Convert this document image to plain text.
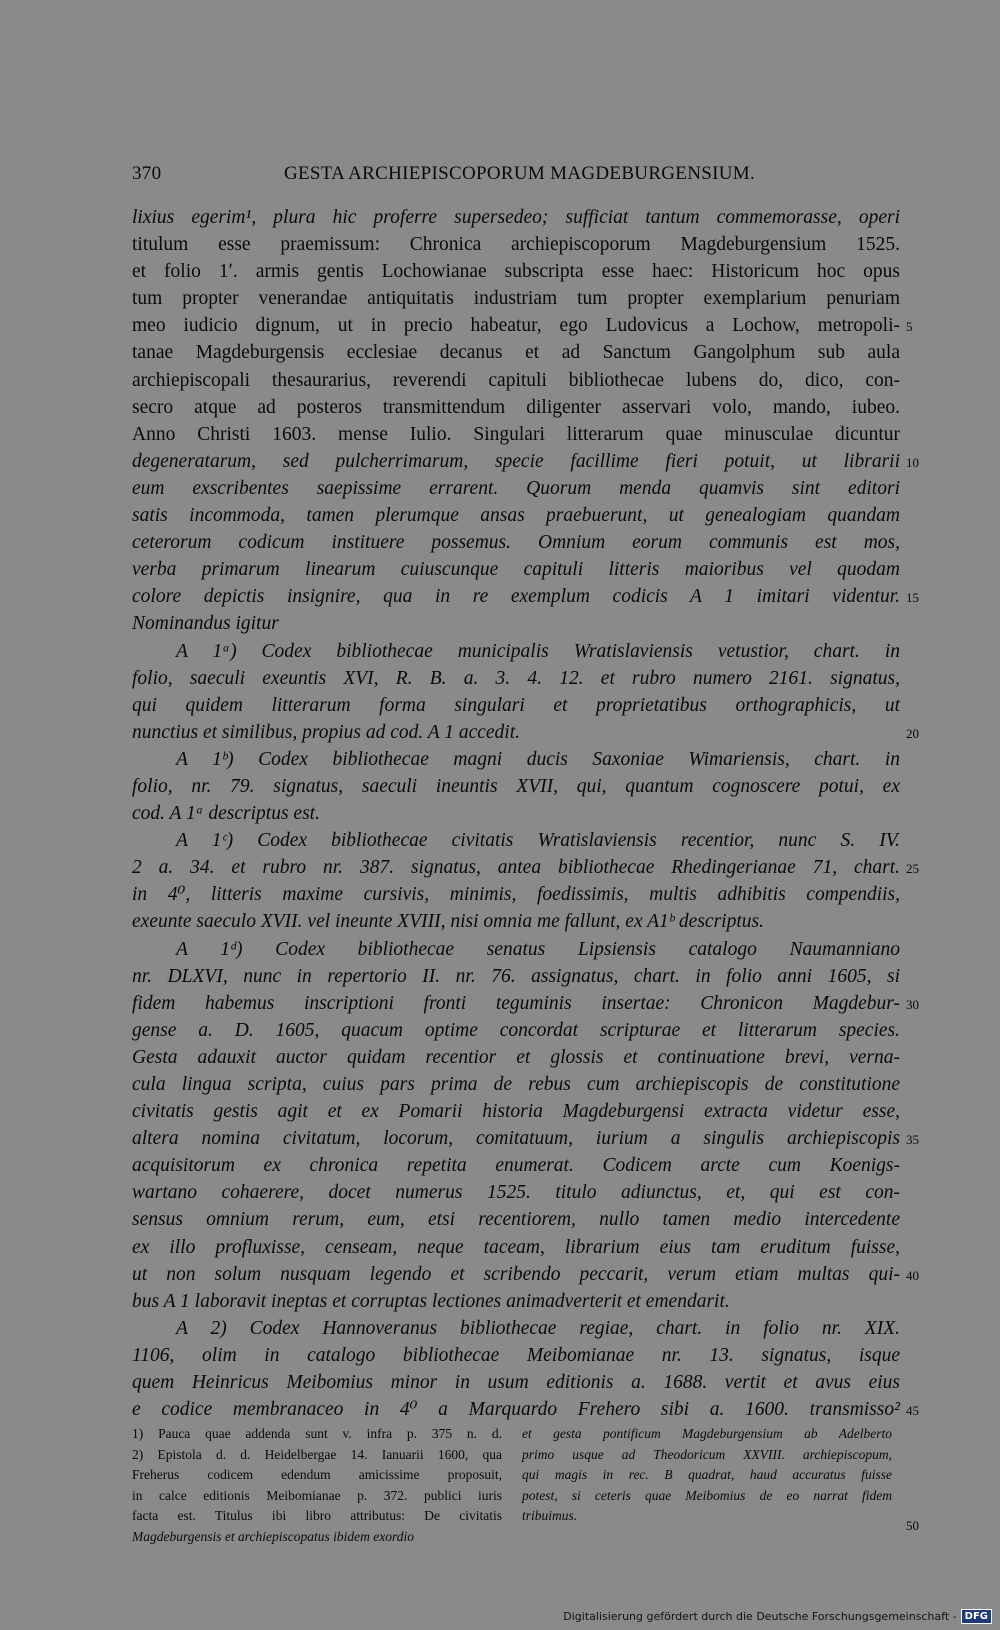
370	GESTA ARCHIEPISCOPORUM MAGDEBURGENSIUM.
lixius egerim¹, plura hic proferre supersedeo; sufficiat tantum commemorasse, operi
titulum esse praemissum: Chronica archiepiscoporum Magdeburgensium 1525.
et folio 1ʹ. armis gentis Lochowianae subscripta esse haec: Historicum hoc opus
tum propter venerandae antiquitatis industriam tum propter exemplarium penuriam
meo iudicio dignum, ut in precio habeatur, ego Ludovicus a Lochow, metropoli- 5
tanae Magdeburgensis ecclesiae decanus et ad Sanctum Gangolphum sub aula
archiepiscopali thesaurarius, reverendi capituli bibliothecae lubens do, dico, con-
secro atque ad posteros transmittendum diligenter asservari volo, mando, iubeo.
Anno Christi 1603. mense Iulio. Singulari litterarum quae minusculae dicuntur
degeneratarum, sed pulcherrimarum, specie facillime fieri potuit, ut librarii 10
eum exscribentes saepissime errarent. Quorum menda quamvis sint editori
satis incommoda, tamen plerumque ansas praebuerunt, ut genealogiam quandam
ceterorum codicum instituere possemus. Omnium eorum communis est mos,
verba primarum linearum cuiuscunque capituli litteris maioribus vel quodam
colore depictis insignire, qua in re exemplum codicis A 1 imitari videntur. 15
Nominandus igitur
A 1ᵃ) Codex bibliothecae municipalis Wratislaviensis vetustior, chart. in
folio, saeculi exeuntis XVI, R. B. a. 3. 4. 12. et rubro numero 2161. signatus,
qui quidem litterarum forma singulari et proprietatibus orthographicis, ut
nunctius et similibus, propius ad cod. A 1 accedit.	20
A 1ᵇ) Codex bibliothecae magni ducis Saxoniae Wimariensis, chart. in
folio, nr. 79. signatus, saeculi ineuntis XVII, qui, quantum cognoscere potui, ex
cod. A 1ᵃ descriptus est.
A 1ᶜ) Codex bibliothecae civitatis Wratislaviensis recentior, nunc S. IV.
2 a. 34. et rubro nr. 387. signatus, antea bibliothecae Rhedingerianae 71, chart. 25
in 4⁰, litteris maxime cursivis, minimis, foedissimis, multis adhibitis compendiis,
exeunte saeculo XVII. vel ineunte XVIII, nisi omnia me fallunt, ex A1ᵇ descriptus.
A 1ᵈ) Codex bibliothecae senatus Lipsiensis catalogo Naumanniano
nr. DLXVI, nunc in repertorio II. nr. 76. assignatus, chart. in folio anni 1605, si
fidem habemus inscriptioni fronti teguminis insertae: Chronicon Magdebur- 30
gense a. D. 1605, quacum optime concordat scripturae et litterarum species.
Gesta adauxit auctor quidam recentior et glossis et continuatione brevi, verna-
cula lingua scripta, cuius pars prima de rebus cum archiepiscopis de constitutione
civitatis gestis agit et ex Pomarii historia Magdeburgensi extracta videtur esse,
altera nomina civitatum, locorum, comitatuum, iurium a singulis archiepiscopis 35
acquisitorum ex chronica repetita enumerat. Codicem arcte cum Koenigs-
wartano cohaerere, docet numerus 1525. titulo adiunctus, et, qui est con-
sensus omnium rerum, eum, etsi recentiorem, nullo tamen medio intercedente
ex illo profluxisse, censeam, neque taceam, librarium eius tam eruditum fuisse,
ut non solum nusquam legendo et scribendo peccarit, verum etiam multas qui- 40
bus A 1 laboravit ineptas et corruptas lectiones animadverterit et emendarit.
A 2) Codex Hannoveranus bibliothecae regiae, chart. in folio nr. XIX.
1106, olim in catalogo bibliothecae Meibomianae nr. 13. signatus, isque
quem Heinricus Meibomius minor in usum editionis a. 1688. vertit et avus eius
e codice membranaceo in 4⁰ a Marquardo Frehero sibi a. 1600. transmisso² 45
1) Pauca quae addenda sunt v. infra p. 375 n. d.
2) Epistola d. d. Heidelbergae 14. Ianuarii 1600, qua
Freherus codicem edendum amicissime proposuit,
in calce editionis Meibomianae p. 372. publici iuris
facta est. Titulus ibi libro attributus: De civitatis
Magdeburgensis et archiepiscopatus ibidem exordio
et gesta pontificum Magdeburgensium ab Adelberto
primo usque ad Theodoricum XXVIII. archiepiscopum,
qui magis in rec. B quadrat, haud accuratus fuisse
potest, si ceteris quae Meibomius de eo narrat fidem
tribuimus.
50
Digitalisierung gefördert durch die Deutsche Forschungsgemeinschaft - DFG
